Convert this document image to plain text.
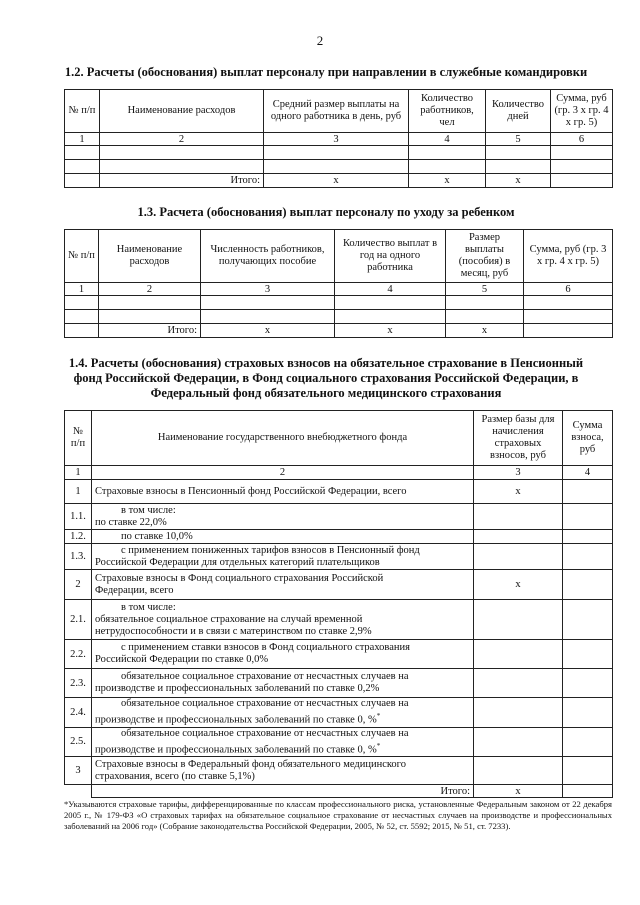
2
1.2. Расчеты (обоснования) выплат персоналу при направлении в служебные командировки
№ п/п	Наименование расходов	Средний размер выплаты на одного работника в день, руб	Количество работников, чел	Количество дней	Сумма, руб (гр. 3 х гр. 4 х гр. 5)
1	2	3	4	5	6

	Итого:	x	x	x	
1.3. Расчета (обоснования) выплат персоналу по уходу за ребенком
№ п/п	Наименование расходов	Численность работников, получающих пособие	Количество выплат в год на одного работника	Размер выплаты (пособия) в месяц, руб	Сумма, руб (гр. 3 х гр. 4 х гр. 5)
1	2	3	4	5	6

	Итого:	x	x	x	
1.4. Расчеты (обоснования) страховых взносов на обязательное страхование в Пенсионный
фонд Российской Федерации, в Фонд социального страхования Российской Федерации, в
Федеральный фонд обязательного медицинского страхования
№ п/п	Наименование государственного внебюджетного фонда	Размер базы для начисления страховых взносов, руб	Сумма взноса, руб
1	2	3	4
1	Страховые взносы в Пенсионный фонд Российской Федерации, всего	x	
1.1.	в том числе:
по ставке 22,0%		
1.2.	по ставке 10,0%		

1.3.	с применением пониженных тарифов взносов в Пенсионный фонд
Российской Федерации для отдельных категорий плательщиков		
2	Страховые взносы в Фонд социального страхования Российской
Федерации, всего	x	
2.1.	в том числе:
обязательное социальное страхование на случай временной
нетрудоспособности и в связи с материнством по ставке 2,9%		
2.2.	с применением ставки взносов в Фонд социального страхования
Российской Федерации по ставке 0,0%		
2.3.	обязательное социальное страхование от несчастных случаев на
производстве и профессиональных заболеваний по ставке 0,2%		
2.4.	обязательное социальное страхование от несчастных случаев на
производстве и профессиональных заболеваний по ставке 0, %*		
2.5.	обязательное социальное страхование от несчастных случаев на
производстве и профессиональных заболеваний по ставке 0, %*		
3	Страховые взносы в Федеральный фонд обязательного медицинского
страхования, всего (по ставке 5,1%)		
	Итого:	x	
*Указываются страховые тарифы, дифференцированные по классам профессионального риска, установленные Федеральным законом от 22 декабря 2005 г., № 179-ФЗ «О страховых тарифах на обязательное социальное страхование от несчастных случаев на производстве и профессиональных заболеваний на 2006 год» (Собрание законодательства Российской Федерации, 2005, № 52, ст. 5592; 2015, № 51, ст. 7233).
